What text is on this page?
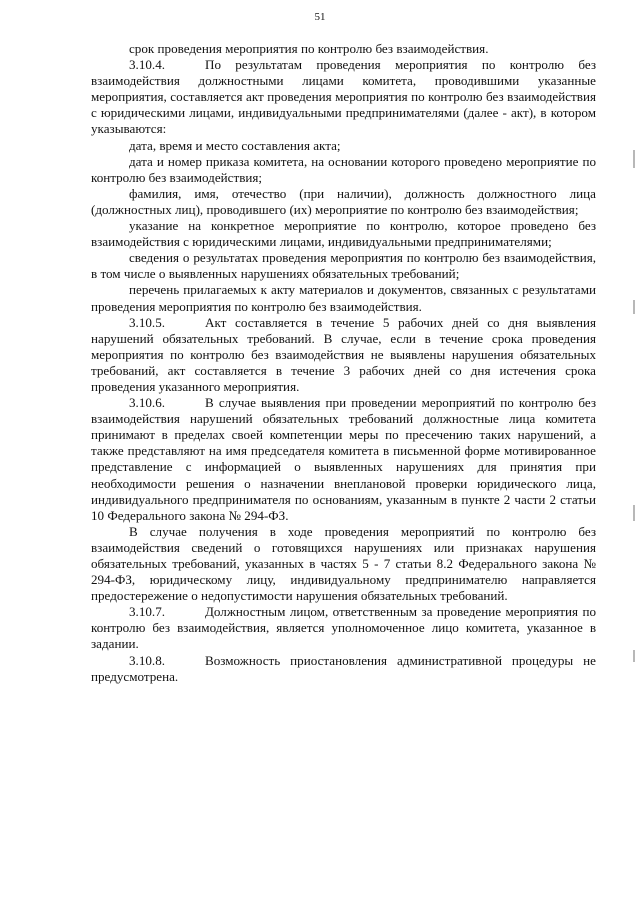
51

срок проведения мероприятия по контролю без взаимодействия.

3.10.4.	По результатам проведения мероприятия по контролю без взаимодействия должностными лицами комитета, проводившими указанные мероприятия, составляется акт проведения мероприятия по контролю без взаимодействия с юридическими лицами, индивидуальными предпринимателями (далее - акт), в котором указываются:

дата, время и место составления акта;

дата и номер приказа комитета, на основании которого проведено мероприятие по контролю без взаимодействия;

фамилия, имя, отечество (при наличии), должность должностного лица (должностных лиц), проводившего (их) мероприятие по контролю без взаимодействия;

указание на конкретное мероприятие по контролю, которое проведено без взаимодействия с юридическими лицами, индивидуальными предпринимателями;

сведения о результатах проведения мероприятия по контролю без взаимодействия, в том числе о выявленных нарушениях обязательных требований;

перечень прилагаемых к акту материалов и документов, связанных с результатами проведения мероприятия по контролю без взаимодействия.

3.10.5.	Акт составляется в течение 5 рабочих дней со дня выявления нарушений обязательных требований. В случае, если в течение срока проведения мероприятия по контролю без взаимодействия не выявлены нарушения обязательных требований, акт составляется в течение 3 рабочих дней со дня истечения срока проведения указанного мероприятия.

3.10.6.	В случае выявления при проведении мероприятий по контролю без взаимодействия нарушений обязательных требований должностные лица комитета принимают в пределах своей компетенции меры по пресечению таких нарушений, а также представляют на имя председателя комитета в письменной форме мотивированное представление с информацией о выявленных нарушениях для принятия при необходимости решения о назначении внеплановой проверки юридического лица, индивидуального предпринимателя по основаниям, указанным в пункте 2 части 2 статьи 10 Федерального закона № 294-ФЗ.

В случае получения в ходе проведения мероприятий по контролю без взаимодействия сведений о готовящихся нарушениях или признаках нарушения обязательных требований, указанных в частях 5 - 7 статьи 8.2 Федерального закона № 294-ФЗ, юридическому лицу, индивидуальному предпринимателю направляется предостережение о недопустимости нарушения обязательных требований.

3.10.7.	Должностным лицом, ответственным за проведение мероприятия по контролю без взаимодействия, является уполномоченное лицо комитета, указанное в задании.

3.10.8.	Возможность приостановления административной процедуры не предусмотрена.
